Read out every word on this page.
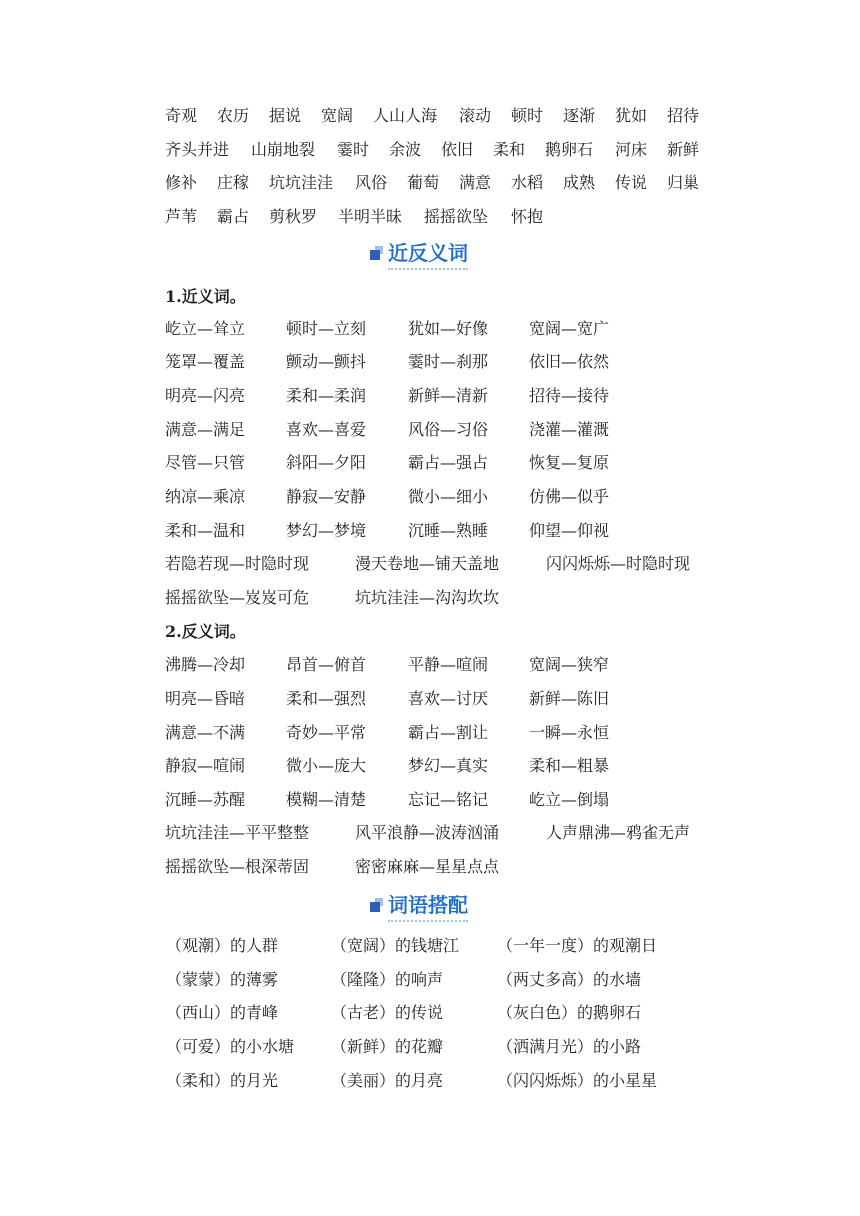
奇观 农历 据说 宽阔 人山人海 滚动 顿时 逐渐 犹如 招待
齐头并进 山崩地裂 霎时 余波 依旧 柔和 鹅卵石 河床 新鲜
修补 庄稼 坑坑洼洼 风俗 葡萄 满意 水稻 成熟 传说 归巢
芦苇 霸占 剪秋罗 半明半昧 摇摇欲坠 怀抱
近反义词
1.近义词。
屹立—耸立	顿时—立刻	犹如—好像	宽阔—宽广
笼罩—覆盖	颤动—颤抖	霎时—刹那	依旧—依然
明亮—闪亮	柔和—柔润	新鲜—清新	招待—接待
满意—满足	喜欢—喜爱	风俗—习俗	浇灌—灌溉
尽管—只管	斜阳—夕阳	霸占—强占	恢复—复原
纳凉—乘凉	静寂—安静	微小—细小	仿佛—似乎
柔和—温和	梦幻—梦境	沉睡—熟睡	仰望—仰视
若隐若现—时隐时现	漫天卷地—铺天盖地	闪闪烁烁—时隐时现
摇摇欲坠—岌岌可危	坑坑洼洼—沟沟坎坎
2.反义词。
沸腾—冷却	昂首—俯首	平静—喧闹	宽阔—狭窄
明亮—昏暗	柔和—强烈	喜欢—讨厌	新鲜—陈旧
满意—不满	奇妙—平常	霸占—割让	一瞬—永恒
静寂—喧闹	微小—庞大	梦幻—真实	柔和—粗暴
沉睡—苏醒	模糊—清楚	忘记—铭记	屹立—倒塌
坑坑洼洼—平平整整	风平浪静—波涛汹涌	人声鼎沸—鸦雀无声
摇摇欲坠—根深蒂固	密密麻麻—星星点点
词语搭配
（观潮）的人群	（宽阔）的钱塘江 （一年一度）的观潮日
（蒙蒙）的薄雾	（隆隆）的响声	（两丈多高）的水墙
（西山）的青峰	（古老）的传说	（灰白色）的鹅卵石
（可爱）的小水塘 （新鲜）的花瓣	（洒满月光）的小路
（柔和）的月光	（美丽）的月亮	（闪闪烁烁）的小星星
